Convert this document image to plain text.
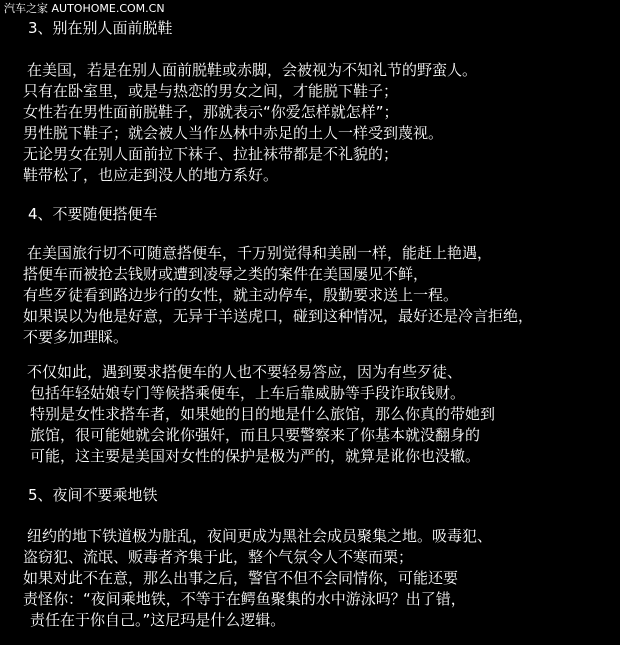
汽车之家 AUTOHOME.COM.CN
3、别在别人面前脱鞋
在美国，若是在别人面前脱鞋或赤脚，会被视为不知礼节的野蛮人。
只有在卧室里，或是与热恋的男女之间，才能脱下鞋子；
女性若在男性面前脱鞋子，那就表示“你爱怎样就怎样”；
男性脱下鞋子；就会被人当作丛林中赤足的土人一样受到蔑视。
无论男女在别人面前拉下袜子、拉扯袜带都是不礼貌的；
鞋带松了，也应走到没人的地方系好。
4、不要随便搭便车
在美国旅行切不可随意搭便车，千万别觉得和美剧一样，能赶上艳遇，
搭便车而被抢去钱财或遭到凌辱之类的案件在美国屡见不鲜，
有些歹徒看到路边步行的女性，就主动停车，殷勤要求送上一程。
如果误以为他是好意，无异于羊送虎口，碰到这种情况，最好还是冷言拒绝，
不要多加理睬。
不仅如此，遇到要求搭便车的人也不要轻易答应，因为有些歹徒、
包括年轻姑娘专门等候搭乘便车，上车后靠威胁等手段诈取钱财。
特别是女性求搭车者，如果她的目的地是什么旅馆，那么你真的带她到
旅馆，很可能她就会讹你强奸，而且只要警察来了你基本就没翻身的
可能，这主要是美国对女性的保护是极为严的，就算是讹你也没辙。
5、夜间不要乘地铁
纽约的地下铁道极为脏乱，夜间更成为黑社会成员聚集之地。吸毒犯、
盗窃犯、流氓、贩毒者齐集于此，整个气氛令人不寒而栗；
如果对此不在意，那么出事之后，警官不但不会同情你，可能还要
责怪你：“夜间乘地铁，不等于在鳄鱼聚集的水中游泳吗？出了错，
责任在于你自己。”这尼玛是什么逻辑。
